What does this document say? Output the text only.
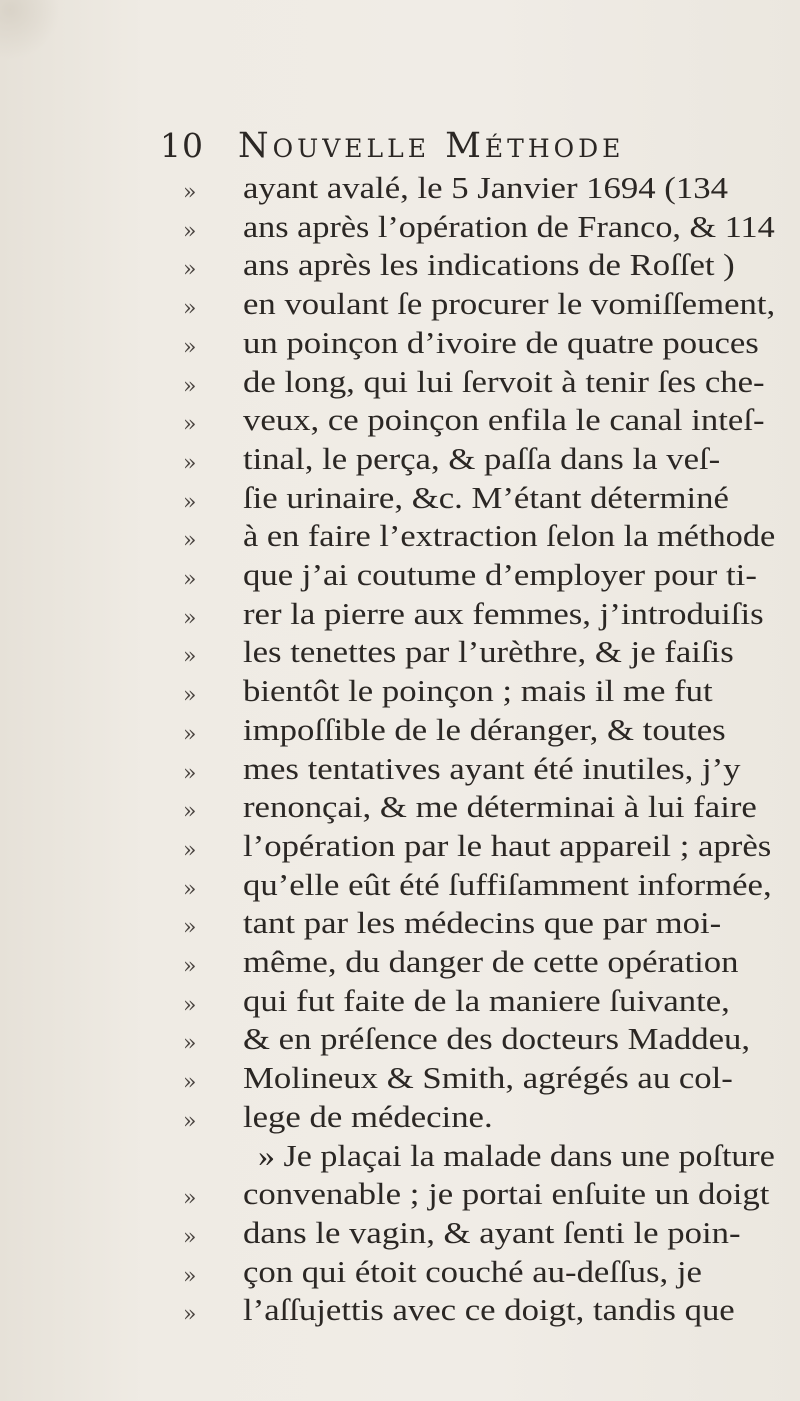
10 Nouvelle Méthode
» ayant avalé, le 5 Janvier 1694 (134
» ans après l’opération de Franco, & 114
» ans après les indications de Roſſet )
» en voulant ſe procurer le vomiſſement,
» un poinçon d’ivoire de quatre pouces
» de long, qui lui ſervoit à tenir ſes che-
» veux, ce poinçon enfila le canal inteſ-
» tinal, le perça, & paſſa dans la veſ-
» ſie urinaire, &c. M’étant déterminé
» à en faire l’extraction ſelon la méthode
» que j’ai coutume d’employer pour ti-
» rer la pierre aux femmes, j’introduiſis
» les tenettes par l’urèthre, & je faiſis
» bientôt le poinçon ; mais il me fut
» impoſſible de le déranger, & toutes
» mes tentatives ayant été inutiles, j’y
» renonçai, & me déterminai à lui faire
» l’opération par le haut appareil ; après
» qu’elle eût été ſuffiſamment informée,
» tant par les médecins que par moi-
» même, du danger de cette opération
» qui fut faite de la maniere ſuivante,
» & en préſence des docteurs Maddeu,
» Molineux & Smith, agrégés au col-
» lege de médecine.
» Je plaçai la malade dans une poſture
» convenable ; je portai enſuite un doigt
» dans le vagin, & ayant ſenti le poin-
» çon qui étoit couché au-deſſus, je
» l’aſſujettis avec ce doigt, tandis que
